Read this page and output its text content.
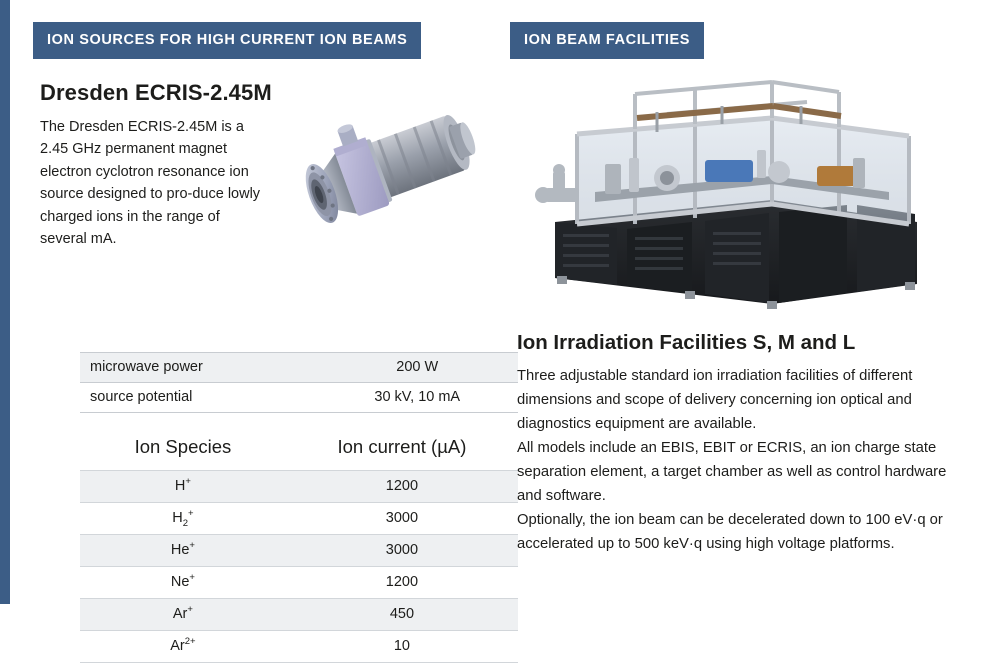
ION SOURCES FOR HIGH CURRENT ION BEAMS	ION BEAM FACILITIES
Dresden ECRIS-2.45M

The Dresden ECRIS-2.45M is a 2.45 GHz permanent magnet electron cyclotron resonance ion source designed to pro-duce lowly charged ions in the range of several mA.

microwave power	200 W
source potential	30 kV, 10 mA
Ion Species	Ion current (µA)
H+	1200
$H_2^+$	3000
He+	3000
Ne+	1200
Ar+	450
$Ar^{2+}$	10
Ion Irradiation Facilities S, M and L

Three adjustable standard ion irradiation facilities of different dimensions and scope of delivery concerning ion optical and diagnostics equipment are available.

All models include an EBIS, EBIT or ECRIS, an ion charge state separation element, a target chamber as well as control hardware and software.

Optionally, the ion beam can be decelerated down to 100 eV·q or accelerated up to 500 keV·q using high voltage platforms.
